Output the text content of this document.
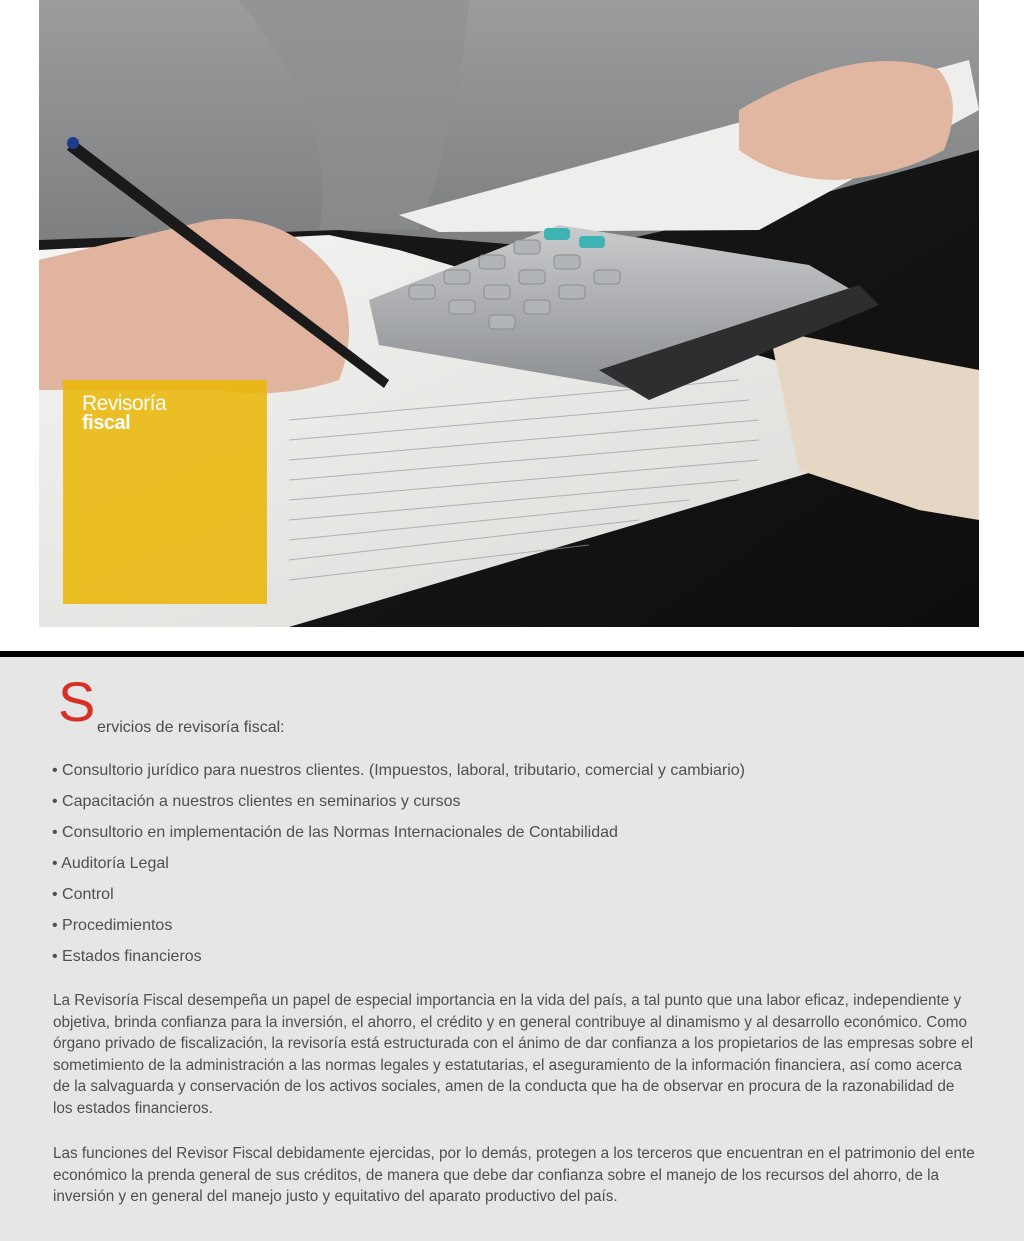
Revisoría
fiscal
S ervicios de revisoría fiscal:
• Consultorio jurídico para nuestros clientes. (Impuestos, laboral, tributario, comercial y cambiario)
• Capacitación a nuestros clientes en seminarios y cursos
• Consultorio en implementación de las Normas Internacionales de Contabilidad
• Auditoría Legal
• Control
• Procedimientos
• Estados financieros

La Revisoría Fiscal desempeña un papel de especial importancia en la vida del país, a tal punto que una labor eficaz, independiente y objetiva, brinda confianza para la inversión, el ahorro, el crédito y en general contribuye al dinamismo y al desarrollo económico. Como órgano privado de fiscalización, la revisoría está estructurada con el ánimo de dar confianza a los propietarios de las empresas sobre el sometimiento de la administración a las normas legales y estatutarias, el aseguramiento de la información financiera, así como acerca de la salvaguarda y conservación de los activos sociales, amen de la conducta que ha de observar en procura de la razonabilidad de los estados financieros.

Las funciones del Revisor Fiscal debidamente ejercidas, por lo demás, protegen a los terceros que encuentran en el patrimonio del ente económico la prenda general de sus créditos, de manera que debe dar confianza sobre el manejo de los recursos del ahorro, de la inversión y en general del manejo justo y equitativo del aparato productivo del país.
